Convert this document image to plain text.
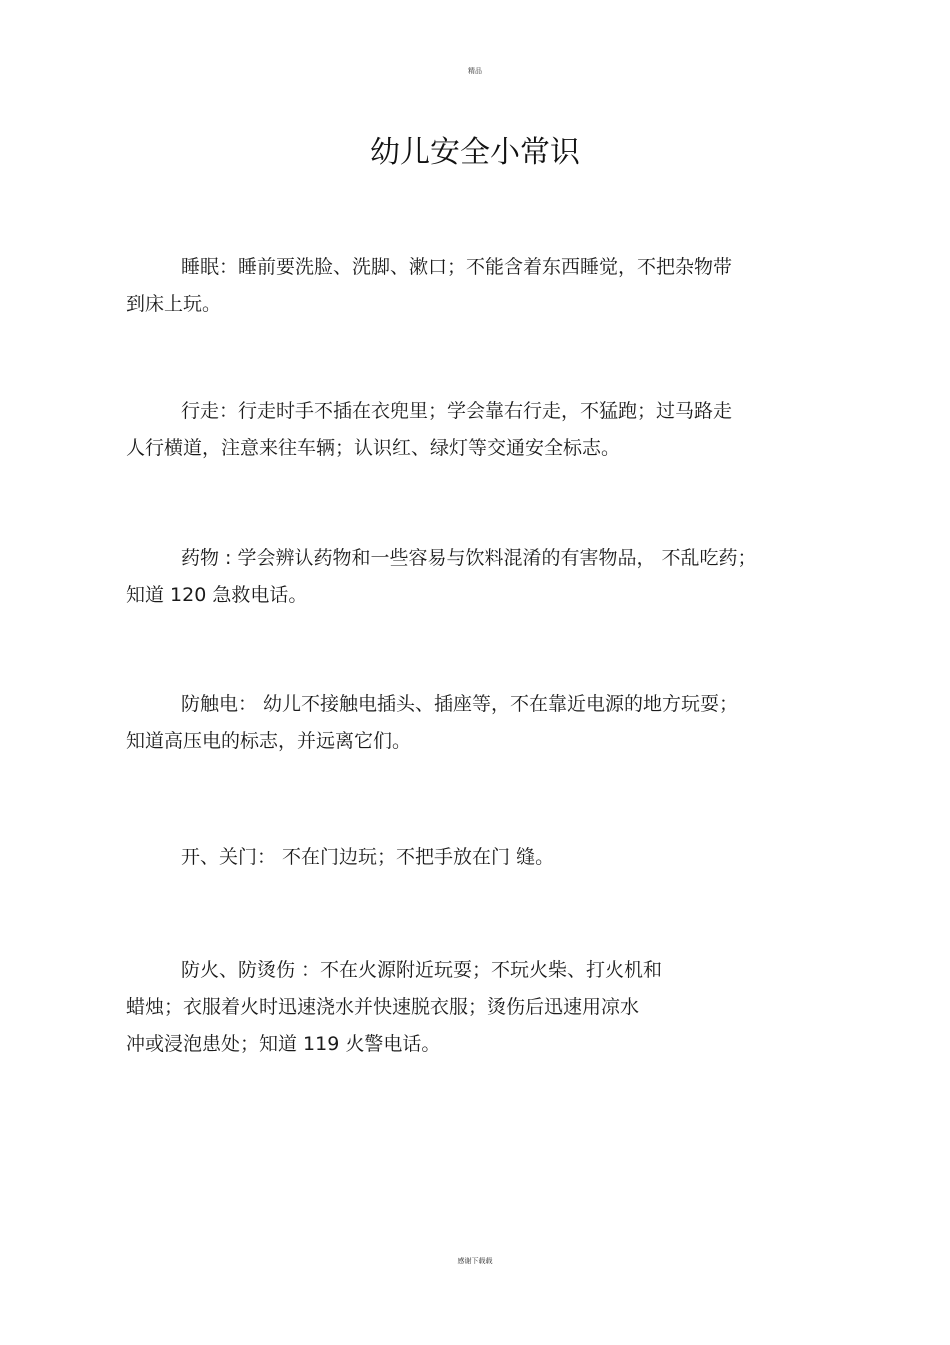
精品
幼儿安全小常识
睡眠：睡前要洗脸、洗脚、漱口；不能含着东西睡觉，不把杂物带
到床上玩。
行走：行走时手不插在衣兜里；学会靠右行走，不猛跑；过马路走
人行横道，注意来往车辆；认识红、绿灯等交通安全标志。
药物 : 学会辨认药物和一些容易与饮料混淆的有害物品， 不乱吃药；
知道 120 急救电话。
防触电： 幼儿不接触电插头、插座等，不在靠近电源的地方玩耍；
知道高压电的标志，并远离它们。
开、关门： 不在门边玩；不把手放在门 缝。
防火、防烫伤 ：不在火源附近玩耍；不玩火柴、打火机和
蜡烛；衣服着火时迅速浇水并快速脱衣服；烫伤后迅速用凉水
冲或浸泡患处；知道 119 火警电话。
感谢下载载
